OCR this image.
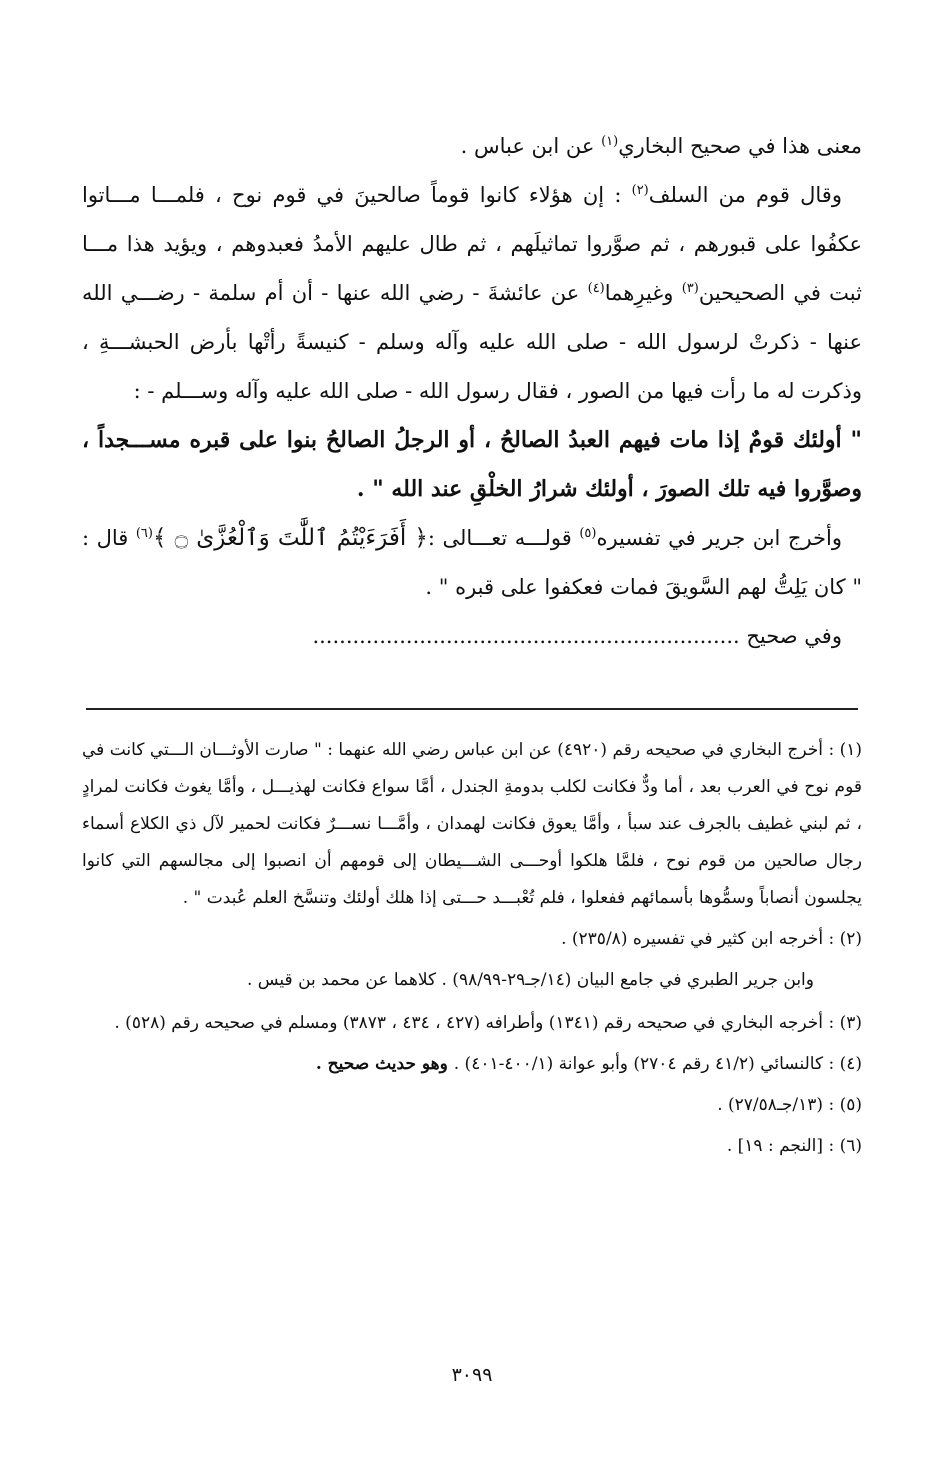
معنى هذا في صحيح البخاري$^{(١)}$ عن ابن عباس .

وقال قوم من السلف$^{(٢)}$ : إن هؤلاء كانوا قوماً صالحينَ في قوم نوح ، فلمـــا مـــاتوا عكفُوا على قبورهم ، ثم صوَّروا تماثيلَهم ، ثم طال عليهم الأمدُ فعبدوهم ، ويؤيد هذا مـــا ثبت في الصحيحين$^{(٣)}$ وغيرِهما$^{(٤)}$ عن عائشةَ - رضي الله عنها - أن أم سلمة - رضـــي الله عنها - ذكرتْ لرسول الله - صلى الله عليه وآله وسلم - كنيسةً رأتْها بأرض الحبشـــةِ ، وذكرت له ما رأت فيها من الصور ، فقال رسول الله - صلى الله عليه وآله وســـلم - :

" أولئك قومٌ إذا مات فيهم العبدُ الصالحُ ، أو الرجلُ الصالحُ بنوا على قبره مســـجداً ، وصوَّروا فيه تلك الصورَ ، أولئك شرارُ الخلْقِ عند الله " .

وأخرج ابن جرير في تفسيره$^{(٥)}$ قولـــه تعـــالى :﴿ أَفَرَءَيْتُمُ ٱللَّٰتَ وَٱلْعُزَّىٰ ۝ ﴾$^{(٦)}$ قال : " كان يَلِتُّ لهم السَّويقَ فمات فعكفوا على قبره " .

وفي صحيح ................................................................

(١) : أخرج البخاري في صحيحه رقم (٤٩٢٠) عن ابن عباس رضي الله عنهما : " صارت الأوثـــان الـــتي كانت في قوم نوح في العرب بعد ، أما ودٌّ فكانت لكلب بدومةِ الجندل ، أمَّا سواع فكانت لهذيـــل ، وأمَّا يغوث فكانت لمرادٍ ، ثم لبني غطيف بالجرف عند سبأ ، وأمَّا يعوق فكانت لهمدان ، وأمَّـــا نســـرٌ فكانت لحمير لآل ذي الكلاع أسماء رجال صالحين من قوم نوح ، فلمَّا هلكوا أوحـــى الشـــيطان إلى قومهم أن انصبوا إلى مجالسهم التي كانوا يجلسون أنصاباً وسمُّوها بأسمائهم ففعلوا ، فلم تُعْبـــد حـــتى إذا هلك أولئك وتنسَّخ العلم عُبدت " .

(٢) : أخرجه ابن كثير في تفسيره (٢٣٥/٨) .

وابن جرير الطبري في جامع البيان (١٤/جـ٢٩-٩٨/٩٩) . كلاهما عن محمد بن قيس .

(٣) : أخرجه البخاري في صحيحه رقم (١٣٤١) وأطرافه (٤٢٧ ، ٤٣٤ ، ٣٨٧٣) ومسلم في صحيحه رقم (٥٢٨) .

(٤) : كالنسائي (٤١/٢ رقم ٢٧٠٤) وأبو عوانة (٤٠٠/١-٤٠١) . وهو حديث صحيح .

(٥) : (١٣/جـ٢٧/٥٨) .

(٦) : [النجم : ١٩] .

٣٠٩٩
